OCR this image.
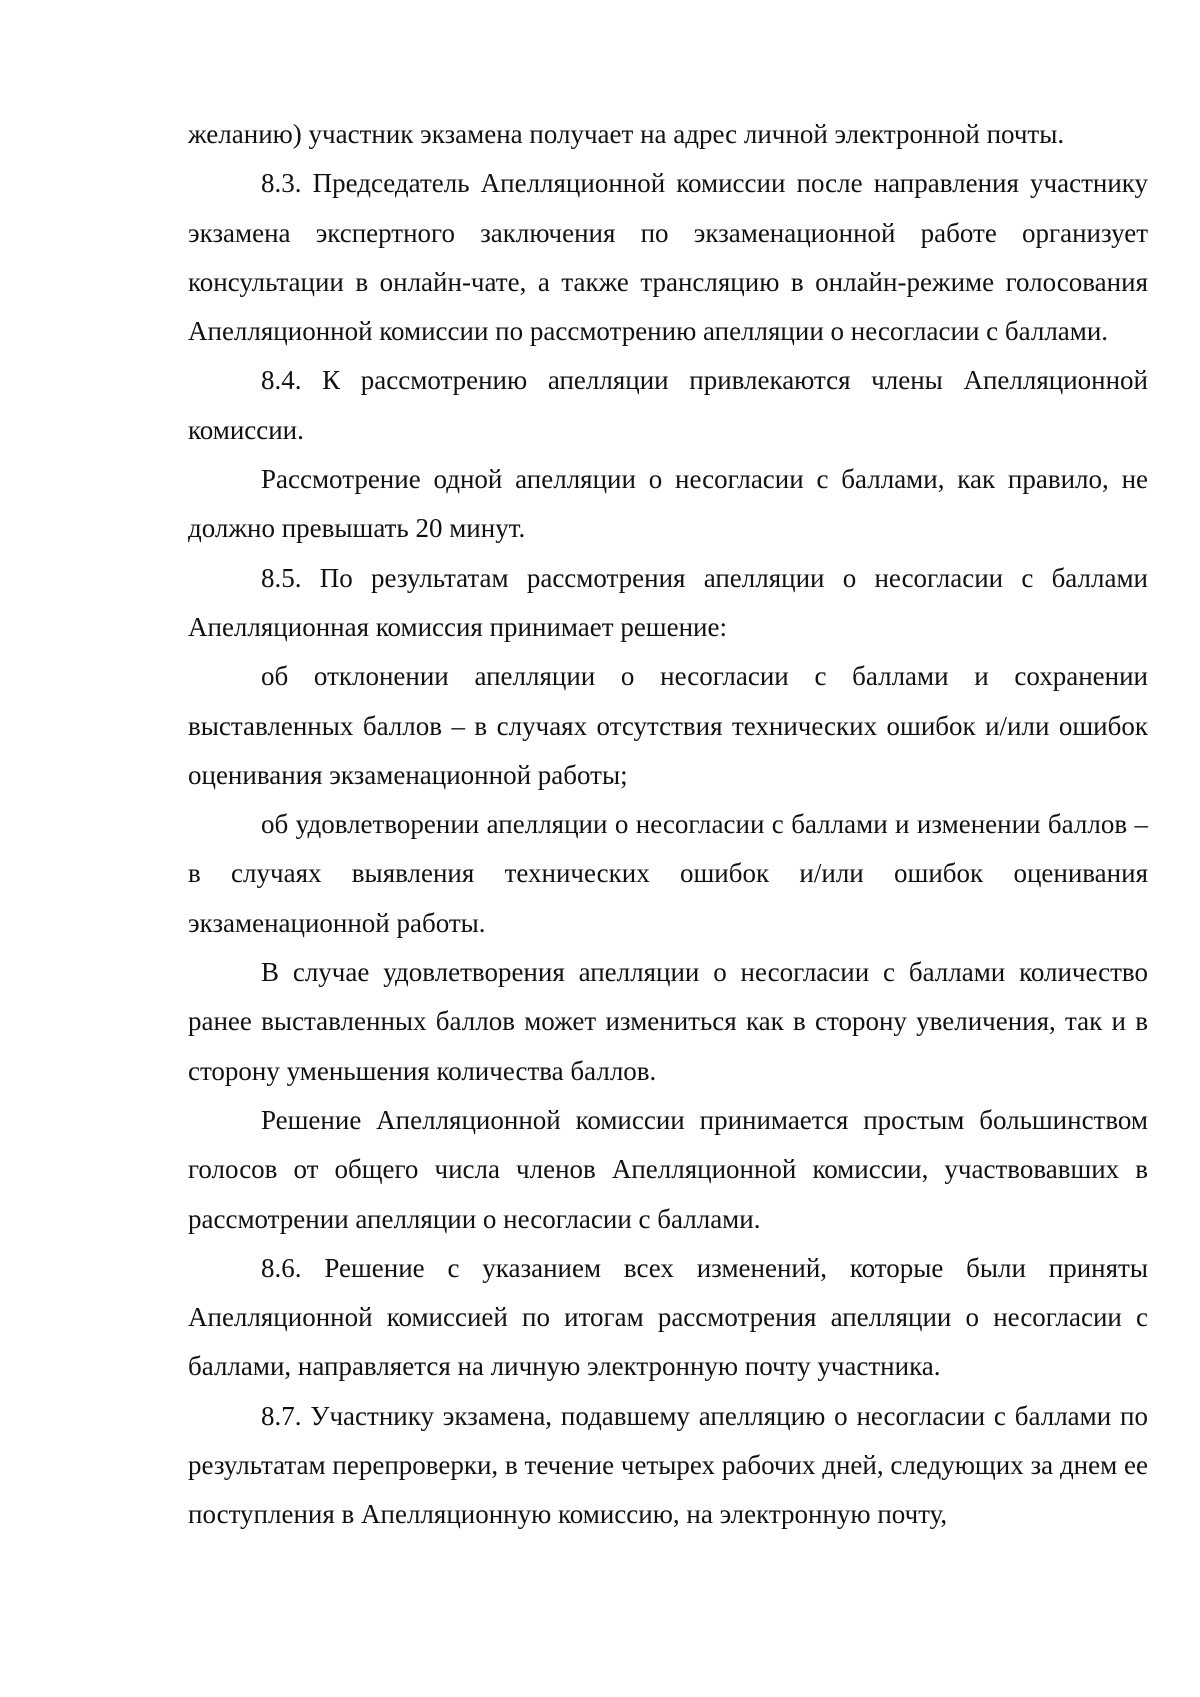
желанию) участник экзамена получает на адрес личной электронной почты.

8.3. Председатель Апелляционной комиссии после направления участнику экзамена экспертного заключения по экзаменационной работе организует консультации в онлайн-чате, а также трансляцию в онлайн-режиме голосования Апелляционной комиссии по рассмотрению апелляции о несогласии с баллами.

8.4. К рассмотрению апелляции привлекаются члены Апелляционной комиссии.

Рассмотрение одной апелляции о несогласии с баллами, как правило, не должно превышать 20 минут.

8.5. По результатам рассмотрения апелляции о несогласии с баллами Апелляционная комиссия принимает решение:

об отклонении апелляции о несогласии с баллами и сохранении выставленных баллов – в случаях отсутствия технических ошибок и/или ошибок оценивания экзаменационной работы;

об удовлетворении апелляции о несогласии с баллами и изменении баллов – в случаях выявления технических ошибок и/или ошибок оценивания экзаменационной работы.

В случае удовлетворения апелляции о несогласии с баллами количество ранее выставленных баллов может измениться как в сторону увеличения, так и в сторону уменьшения количества баллов.

Решение Апелляционной комиссии принимается простым большинством голосов от общего числа членов Апелляционной комиссии, участвовавших в рассмотрении апелляции о несогласии с баллами.

8.6. Решение с указанием всех изменений, которые были приняты Апелляционной комиссией по итогам рассмотрения апелляции о несогласии с баллами, направляется на личную электронную почту участника.

8.7. Участнику экзамена, подавшему апелляцию о несогласии с баллами по результатам перепроверки, в течение четырех рабочих дней, следующих за днем ее поступления в Апелляционную комиссию, на электронную почту,
